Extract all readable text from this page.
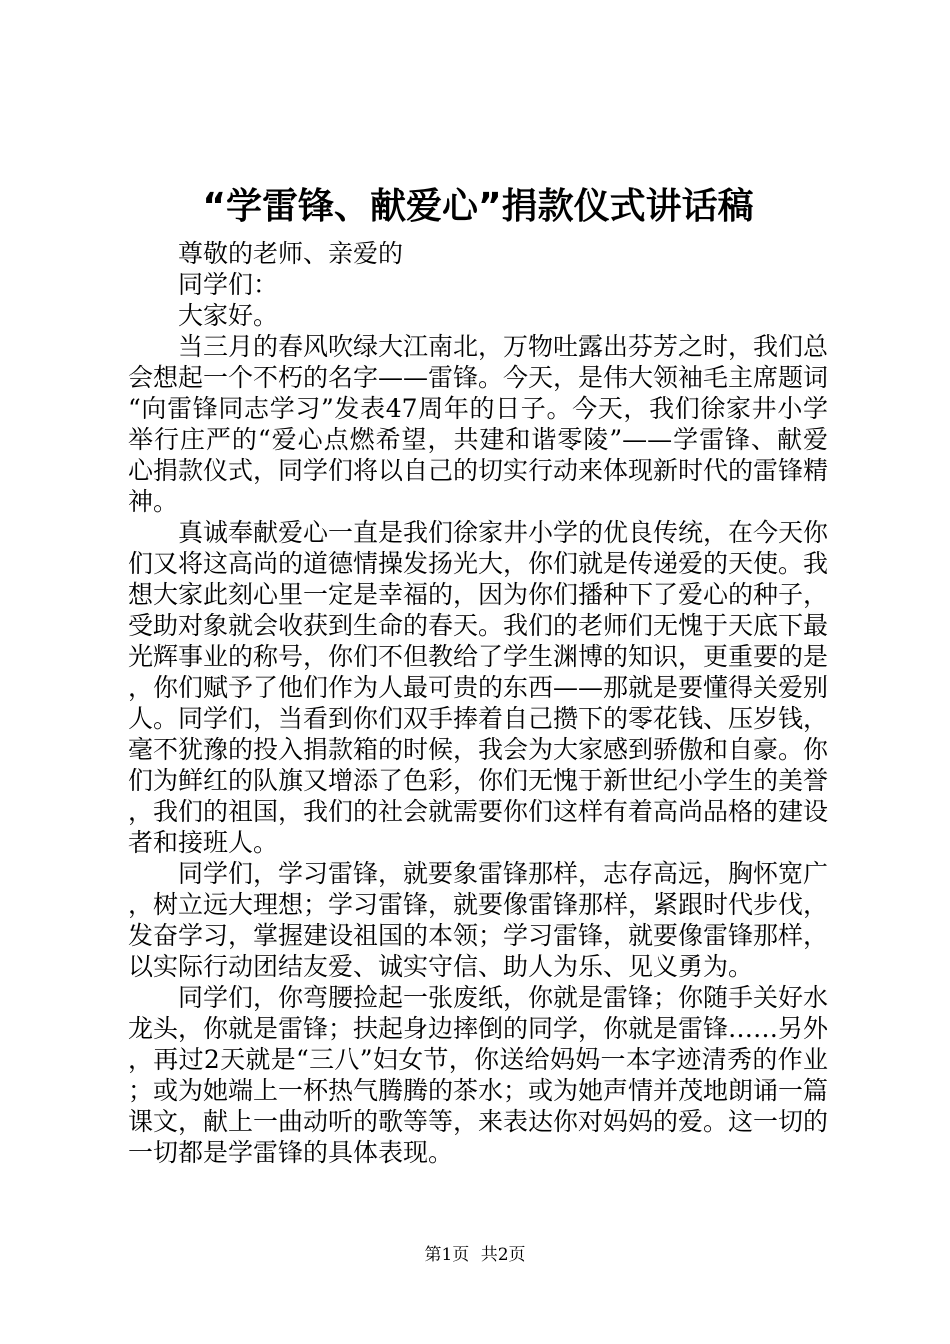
“学雷锋、献爱心”捐款仪式讲话稿

尊敬的老师、亲爱的

同学们：

大家好。

当三月的春风吹绿大江南北，万物吐露出芬芳之时，我们总会想起一个不朽的名字——雷锋。今天，是伟大领袖毛主席题词“向雷锋同志学习”发表47周年的日子。今天，我们徐家井小学举行庄严的“爱心点燃希望，共建和谐零陵”——学雷锋、献爱心捐款仪式，同学们将以自己的切实行动来体现新时代的雷锋精神。

真诚奉献爱心一直是我们徐家井小学的优良传统，在今天你们又将这高尚的道德情操发扬光大，你们就是传递爱的天使。我想大家此刻心里一定是幸福的，因为你们播种下了爱心的种子，受助对象就会收获到生命的春天。我们的老师们无愧于天底下最光辉事业的称号，你们不但教给了学生渊博的知识，更重要的是，你们赋予了他们作为人最可贵的东西——那就是要懂得关爱别人。同学们，当看到你们双手捧着自己攒下的零花钱、压岁钱，毫不犹豫的投入捐款箱的时候，我会为大家感到骄傲和自豪。你们为鲜红的队旗又增添了色彩，你们无愧于新世纪小学生的美誉，我们的祖国，我们的社会就需要你们这样有着高尚品格的建设者和接班人。

同学们，学习雷锋，就要象雷锋那样，志存高远，胸怀宽广，树立远大理想；学习雷锋，就要像雷锋那样，紧跟时代步伐，发奋学习，掌握建设祖国的本领；学习雷锋，就要像雷锋那样，以实际行动团结友爱、诚实守信、助人为乐、见义勇为。

同学们，你弯腰捡起一张废纸，你就是雷锋；你随手关好水龙头，你就是雷锋；扶起身边摔倒的同学，你就是雷锋……另外，再过2天就是“三八”妇女节，你送给妈妈一本字迹清秀的作业；或为她端上一杯热气腾腾的茶水；或为她声情并茂地朗诵一篇课文，献上一曲动听的歌等等，来表达你对妈妈的爱。这一切的一切都是学雷锋的具体表现。

第1页 共2页
